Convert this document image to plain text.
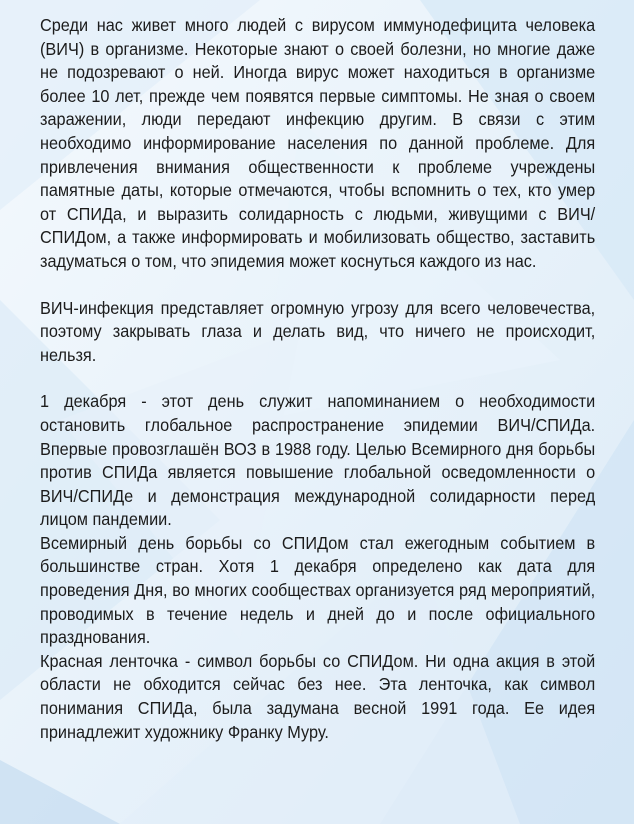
Среди нас живет много людей с вирусом иммунодефицита человека (ВИЧ) в организме. Некоторые знают о своей болезни, но многие даже не подозревают о ней. Иногда вирус может находиться в организме более 10 лет, прежде чем появятся первые симптомы. Не зная о своем заражении, люди передают инфекцию другим. В связи с этим необходимо информирование населения по данной проблеме. Для привлечения внимания общественности к проблеме учреждены памятные даты, которые отмечаются, чтобы вспомнить о тех, кто умер от СПИДа, и выразить солидарность с людьми, живущими с ВИЧ/СПИДом, а также информировать и мобилизовать общество, заставить задуматься о том, что эпидемия может коснуться каждого из нас.

ВИЧ-инфекция представляет огромную угрозу для всего человечества, поэтому закрывать глаза и делать вид, что ничего не происходит, нельзя.

1 декабря - этот день служит напоминанием о необходимости остановить глобальное распространение эпидемии ВИЧ/СПИДа. Впервые провозглашён ВОЗ в 1988 году. Целью Всемирного дня борьбы против СПИДа является повышение глобальной осведомленности о ВИЧ/СПИДе и демонстрация международной солидарности перед лицом пандемии.

Всемирный день борьбы со СПИДом стал ежегодным событием в большинстве стран. Хотя 1 декабря определено как дата для проведения Дня, во многих сообществах организуется ряд мероприятий, проводимых в течение недель и дней до и после официального празднования.

Красная ленточка - символ борьбы со СПИДом. Ни одна акция в этой области не обходится сейчас без нее. Эта ленточка, как символ понимания СПИДа, была задумана весной 1991 года. Ее идея принадлежит художнику Франку Муру.
